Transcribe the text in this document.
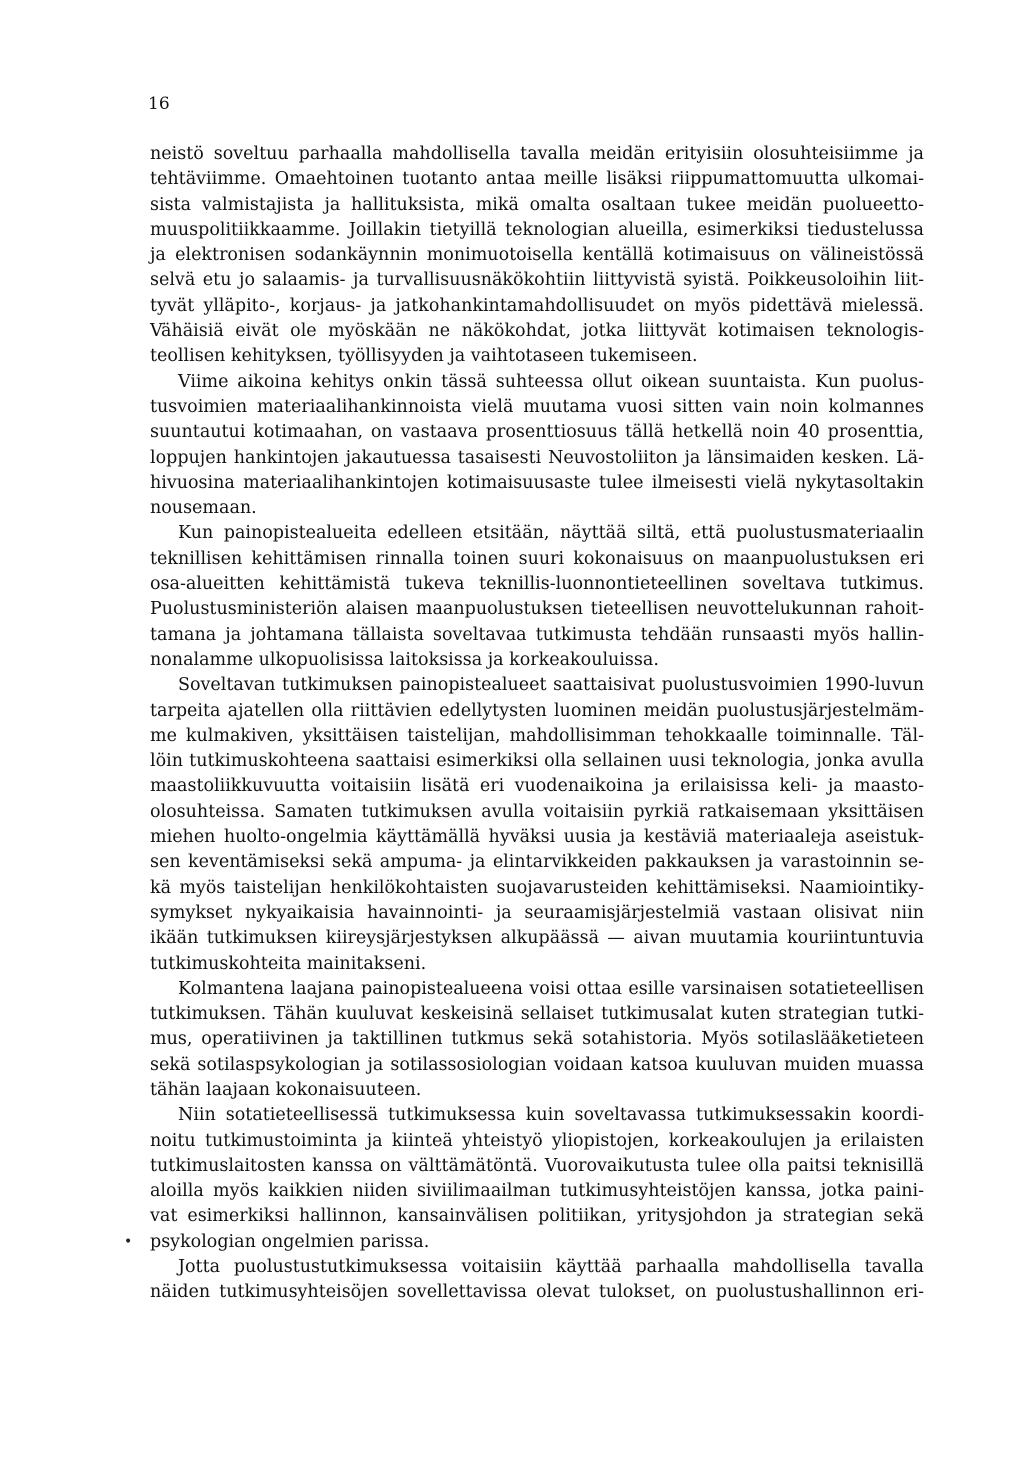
16
neistö soveltuu parhaalla mahdollisella tavalla meidän erityisiin olosuhteisiimme ja
tehtäviimme. Omaehtoinen tuotanto antaa meille lisäksi riippumattomuutta ulkomai-
sista valmistajista ja hallituksista, mikä omalta osaltaan tukee meidän puolueetto-
muuspolitiikkaamme. Joillakin tietyillä teknologian alueilla, esimerkiksi tiedustelussa
ja elektronisen sodankäynnin monimuotoisella kentällä kotimaisuus on välineistössä
selvä etu jo salaamis- ja turvallisuusnäkökohtiin liittyvistä syistä. Poikkeusoloihin liit-
tyvät ylläpito-, korjaus- ja jatkohankintamahdollisuudet on myös pidettävä mielessä.
Vähäisiä eivät ole myöskään ne näkökohdat, jotka liittyvät kotimaisen teknologis-
teollisen kehityksen, työllisyyden ja vaihtotaseen tukemiseen.
Viime aikoina kehitys onkin tässä suhteessa ollut oikean suuntaista. Kun puolus-
tusvoimien materiaalihankinnoista vielä muutama vuosi sitten vain noin kolmannes
suuntautui kotimaahan, on vastaava prosenttiosuus tällä hetkellä noin 40 prosenttia,
loppujen hankintojen jakautuessa tasaisesti Neuvostoliiton ja länsimaiden kesken. Lä-
hivuosina materiaalihankintojen kotimaisuusaste tulee ilmeisesti vielä nykytasoltakin
nousemaan.
Kun painopistealueita edelleen etsitään, näyttää siltä, että puolustusmateriaalin
teknillisen kehittämisen rinnalla toinen suuri kokonaisuus on maanpuolustuksen eri
osa-alueitten kehittämistä tukeva teknillis-luonnontieteellinen soveltava tutkimus.
Puolustusministeriön alaisen maanpuolustuksen tieteellisen neuvottelukunnan rahoit-
tamana ja johtamana tällaista soveltavaa tutkimusta tehdään runsaasti myös hallin-
nonalamme ulkopuolisissa laitoksissa ja korkeakouluissa.
Soveltavan tutkimuksen painopistealueet saattaisivat puolustusvoimien 1990-luvun
tarpeita ajatellen olla riittävien edellytysten luominen meidän puolustusjärjestelmäm-
me kulmakiven, yksittäisen taistelijan, mahdollisimman tehokkaalle toiminnalle. Täl-
löin tutkimuskohteena saattaisi esimerkiksi olla sellainen uusi teknologia, jonka avulla
maastoliikkuvuutta voitaisiin lisätä eri vuodenaikoina ja erilaisissa keli- ja maasto-
olosuhteissa. Samaten tutkimuksen avulla voitaisiin pyrkiä ratkaisemaan yksittäisen
miehen huolto-ongelmia käyttämällä hyväksi uusia ja kestäviä materiaaleja aseistuk-
sen keventämiseksi sekä ampuma- ja elintarvikkeiden pakkauksen ja varastoinnin se-
kä myös taistelijan henkilökohtaisten suojavarusteiden kehittämiseksi. Naamiointiky-
symykset nykyaikaisia havainnointi- ja seuraamisjärjestelmiä vastaan olisivat niin
ikään tutkimuksen kiireysjärjestyksen alkupäässä — aivan muutamia kouriintuntuvia
tutkimuskohteita mainitakseni.
Kolmantena laajana painopistealueena voisi ottaa esille varsinaisen sotatieteellisen
tutkimuksen. Tähän kuuluvat keskeisinä sellaiset tutkimusalat kuten strategian tutki-
mus, operatiivinen ja taktillinen tutkmus sekä sotahistoria. Myös sotilaslääketieteen
sekä sotilaspsykologian ja sotilassosiologian voidaan katsoa kuuluvan muiden muassa
tähän laajaan kokonaisuuteen.
Niin sotatieteellisessä tutkimuksessa kuin soveltavassa tutkimuksessakin koordi-
noitu tutkimustoiminta ja kiinteä yhteistyö yliopistojen, korkeakoulujen ja erilaisten
tutkimuslaitosten kanssa on välttämätöntä. Vuorovaikutusta tulee olla paitsi teknisillä
aloilla myös kaikkien niiden siviilimaailman tutkimusyhteistöjen kanssa, jotka paini-
vat esimerkiksi hallinnon, kansainvälisen politiikan, yritysjohdon ja strategian sekä
psykologian ongelmien parissa.
Jotta puolustustutkimuksessa voitaisiin käyttää parhaalla mahdollisella tavalla
näiden tutkimusyhteisöjen sovellettavissa olevat tulokset, on puolustushallinnon eri-
•
